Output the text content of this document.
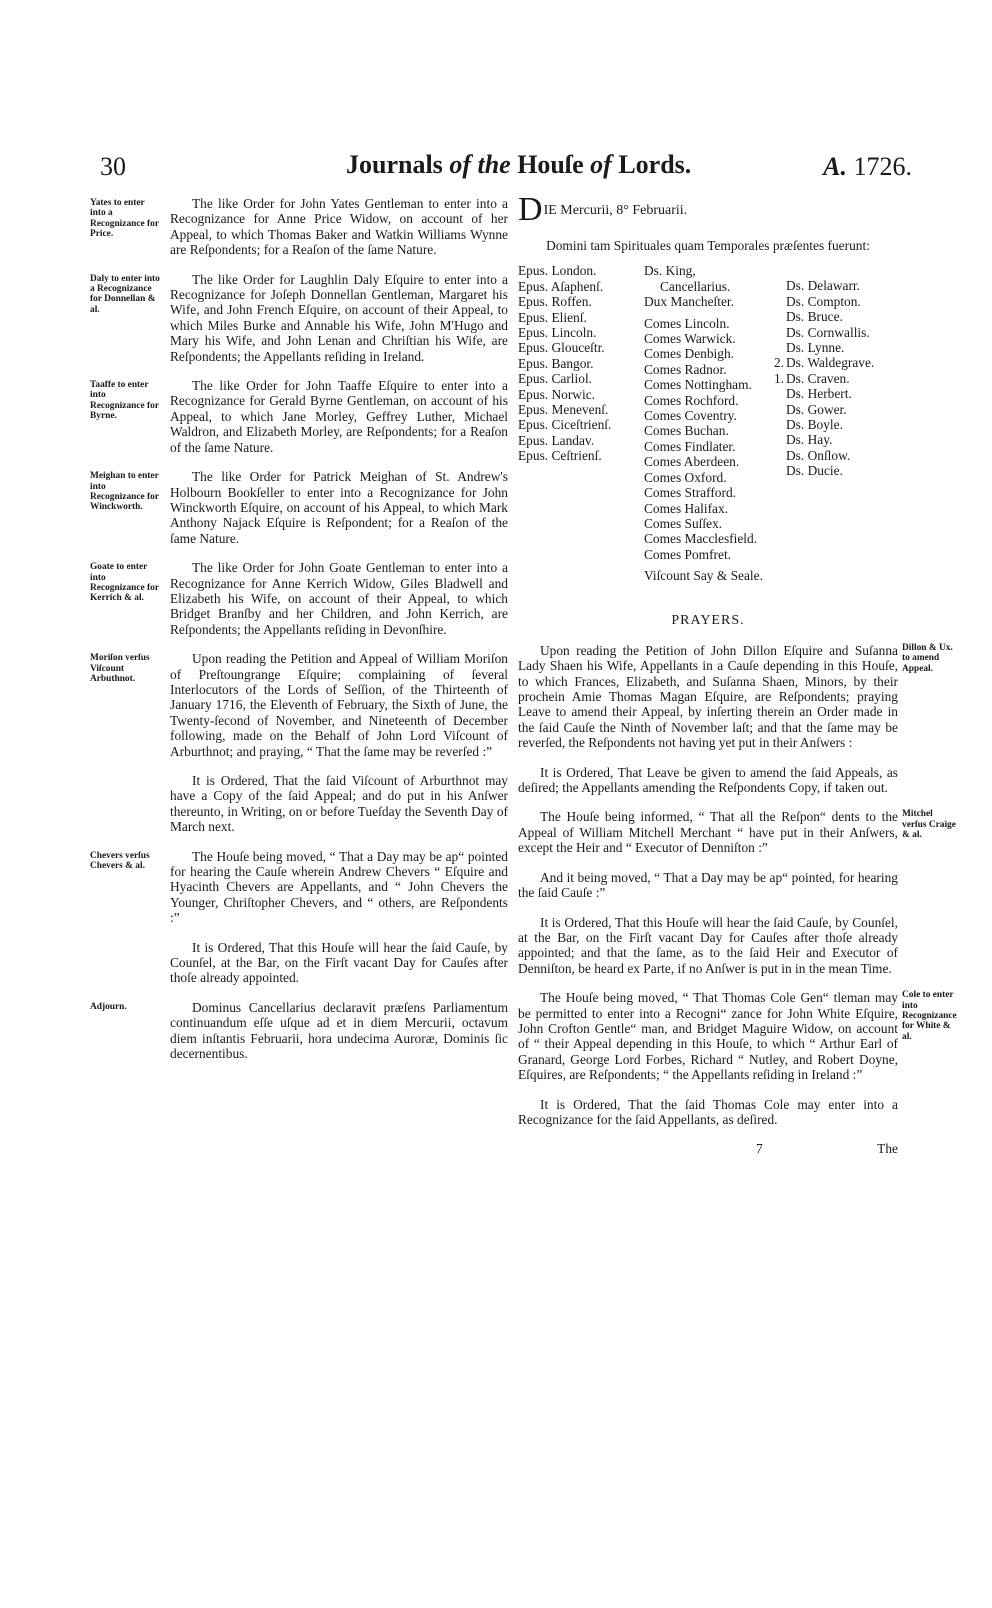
30	Journals of the Houſe of Lords.	A. 1726.
Yates to enter into a Recognizance for Price.

The like Order for John Yates Gentleman to enter into a Recognizance for Anne Price Widow, on account of her Appeal, to which Thomas Baker and Watkin Williams Wynne are Reſpondents; for a Reaſon of the ſame Nature.

Daly to enter into a Recognizance for Donnellan & al.

The like Order for Laughlin Daly Eſquire to enter into a Recognizance for Joſeph Donnellan Gentleman, Margaret his Wife, and John French Eſquire, on account of their Appeal, to which Miles Burke and Annable his Wife, John M'Hugo and Mary his Wife, and John Lenan and Chriſtian his Wife, are Reſpondents; the Appellants reſiding in Ireland.

Taaffe to enter into Recognizance for Byrne.

The like Order for John Taaffe Eſquire to enter into a Recognizance for Gerald Byrne Gentleman, on account of his Appeal, to which Jane Morley, Geffrey Luther, Michael Waldron, and Elizabeth Morley, are Reſpondents; for a Reaſon of the ſame Nature.

Meighan to enter into Recognizance for Winckworth.

The like Order for Patrick Meighan of St. Andrew's Holbourn Bookſeller to enter into a Recognizance for John Winckworth Eſquire, on account of his Appeal, to which Mark Anthony Najack Eſquire is Reſpondent; for a Reaſon of the ſame Nature.

Goate to enter into Recognizance for Kerrich & al.

The like Order for John Goate Gentleman to enter into a Recognizance for Anne Kerrich Widow, Giles Bladwell and Elizabeth his Wife, on account of their Appeal, to which Bridget Branſby and her Children, and John Kerrich, are Reſpondents; the Appellants reſiding in Devonſhire.

Moriſon verſus Viſcount Arbuthnot.

Upon reading the Petition and Appeal of William Moriſon of Preſtoungrange Eſquire; complaining of ſeveral Interlocutors of the Lords of Seſſion, of the Thirteenth of January 1716, the Eleventh of February, the Sixth of June, the Twenty-ſecond of November, and Nineteenth of December following, made on the Behalf of John Lord Viſcount of Arburthnot; and praying, “ That the ſame may be reverſed :”

It is Ordered, That the ſaid Viſcount of Arburthnot may have a Copy of the ſaid Appeal; and do put in his Anſwer thereunto, in Writing, on or before Tueſday the Seventh Day of March next.

Chevers verſus Chevers & al.

The Houſe being moved, “ That a Day may be ap“ pointed for hearing the Cauſe wherein Andrew Chevers “ Eſquire and Hyacinth Chevers are Appellants, and “ John Chevers the Younger, Chriſtopher Chevers, and “ others, are Reſpondents :”

It is Ordered, That this Houſe will hear the ſaid Cauſe, by Counſel, at the Bar, on the Firſt vacant Day for Cauſes after thoſe already appointed.

Adjourn.	Dominus Cancellarius declaravit præſens Parliamentum continuandum eſſe uſque ad et in diem Mercurii, octavum diem inſtantis Februarii, hora undecima Auroræ, Dominis ſic decernentibus.

DIE Mercurii, 8° Februarii.
Domini tam Spirituales quam Temporales præſentes fuerunt:
Epus. London.
Epus. Aſaphenſ.
Epus. Roffen.
Epus. Elienſ.
Epus. Lincoln.
Epus. Glouceſtr.
Epus. Bangor.
Epus. Carliol.
Epus. Norwic.
Epus. Menevenſ.
Epus. Ciceſtrienſ.
Epus. Landav.
Epus. Ceſtrienſ.
Ds. King,
Cancellarius.
Dux Mancheſter.
Comes Lincoln.
Comes Warwick.
Comes Denbigh.
Comes Radnor.
Comes Nottingham.
Comes Rochford.
Comes Coventry.
Comes Buchan.
Comes Findlater.
Comes Aberdeen.
Comes Oxford.
Comes Strafford.
Comes Halifax.
Comes Suſſex.
Comes Macclesfield.
Comes Pomfret.
Viſcount Say & Seale.
Ds. Delawarr.
Ds. Compton.
Ds. Bruce.
Ds. Cornwallis.
Ds. Lynne.
2. Ds. Waldegrave.
1. Ds. Craven.
Ds. Herbert.
Ds. Gower.
Ds. Boyle.
Ds. Hay.
Ds. Onſlow.
Ds. Ducie.
PRAYERS.
Dillon & Ux. to amend Appeal.

Upon reading the Petition of John Dillon Eſquire and Suſanna Lady Shaen his Wife, Appellants in a Cauſe depending in this Houſe, to which Frances, Elizabeth, and Suſanna Shaen, Minors, by their prochein Amie Thomas Magan Eſquire, are Reſpondents; praying Leave to amend their Appeal, by inſerting therein an Order made in the ſaid Cauſe the Ninth of November laſt; and that the ſame may be reverſed, the Reſpondents not having yet put in their Anſwers :

It is Ordered, That Leave be given to amend the ſaid Appeals, as deſired; the Appellants amending the Reſpondents Copy, if taken out.

Mitchel verſus Craige & al.

The Houſe being informed, “ That all the Reſpon“ dents to the Appeal of William Mitchell Merchant “ have put in their Anſwers, except the Heir and “ Executor of Denniſton :”

And it being moved, “ That a Day may be ap“ pointed, for hearing the ſaid Cauſe :”

It is Ordered, That this Houſe will hear the ſaid Cauſe, by Counſel, at the Bar, on the Firſt vacant Day for Cauſes after thoſe already appointed; and that the ſame, as to the ſaid Heir and Executor of Denniſton, be heard ex Parte, if no Anſwer is put in in the mean Time.

Cole to enter into Recognizance for White & al.

The Houſe being moved, “ That Thomas Cole Gen“ tleman may be permitted to enter into a Recogni“ zance for John White Eſquire, John Crofton Gentle“ man, and Bridget Maguire Widow, on account of “ their Appeal depending in this Houſe, to which “ Arthur Earl of Granard, George Lord Forbes, Richard “ Nutley, and Robert Doyne, Eſquires, are Reſpondents; “ the Appellants reſiding in Ireland :”

It is Ordered, That the ſaid Thomas Cole may enter into a Recognizance for the ſaid Appellants, as deſired.

7	The
